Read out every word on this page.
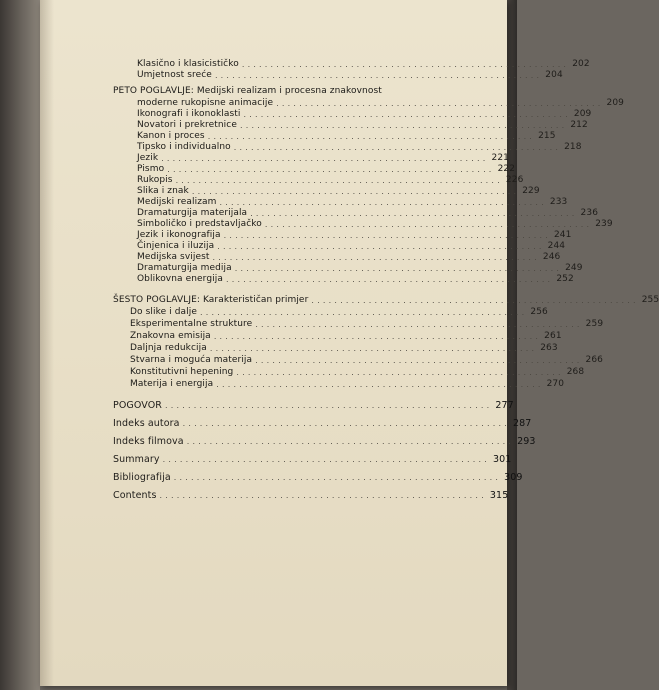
Klasično i klasicističko ......................................................... 202
Umjetnost sreće ......................................................... 204
PETO POGLAVLJE: Medijski realizam i procesna znakovnost
moderne rukopisne animacije ......................................................... 209
Ikonografi i ikonoklasti ......................................................... 209
Novatori i prekretnice ......................................................... 212
Kanon i proces ......................................................... 215
Tipsko i individualno ......................................................... 218
Jezik ......................................................... 221
Pismo ......................................................... 222
Rukopis ......................................................... 226
Slika i znak ......................................................... 229
Medijski realizam ......................................................... 233
Dramaturgija materijala ......................................................... 236
Simboličko i predstavljačko ......................................................... 239
Jezik i ikonografija ......................................................... 241
Činjenica i iluzija ......................................................... 244
Medijska svijest ......................................................... 246
Dramaturgija medija ......................................................... 249
Oblikovna energija ......................................................... 252
ŠESTO POGLAVLJE: Karakterističan primjer ......................................................... 255
Do slike i dalje ......................................................... 256
Eksperimentalne strukture ......................................................... 259
Znakovna emisija ......................................................... 261
Daljnja redukcija ......................................................... 263
Stvarna i moguća materija ......................................................... 266
Konstitutivni hepening ......................................................... 268
Materija i energija ......................................................... 270
POGOVOR ......................................................... 277
Indeks autora ......................................................... 287
Indeks filmova ......................................................... 293
Summary ......................................................... 301
Bibliografija ......................................................... 309
Contents ......................................................... 315
